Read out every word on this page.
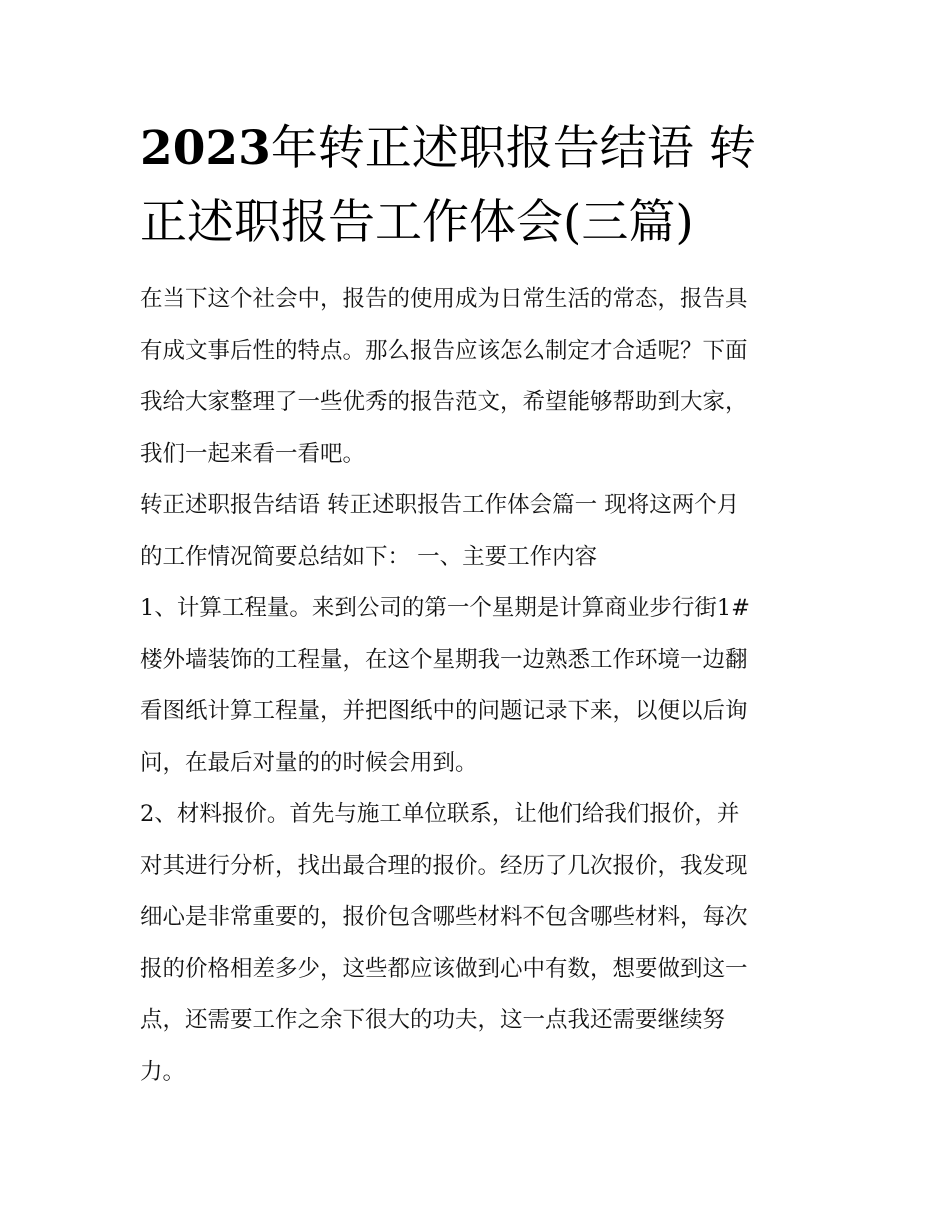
2023年转正述职报告结语 转
正述职报告工作体会(三篇)

在当下这个社会中，报告的使用成为日常生活的常态，报告具
有成文事后性的特点。那么报告应该怎么制定才合适呢？下面
我给大家整理了一些优秀的报告范文，希望能够帮助到大家，
我们一起来看一看吧。

转正述职报告结语 转正述职报告工作体会篇一 现将这两个月
的工作情况简要总结如下： 一、主要工作内容

1、计算工程量。来到公司的第一个星期是计算商业步行街1#
楼外墙装饰的工程量，在这个星期我一边熟悉工作环境一边翻
看图纸计算工程量，并把图纸中的问题记录下来，以便以后询
问，在最后对量的的时候会用到。

2、材料报价。首先与施工单位联系，让他们给我们报价，并
对其进行分析，找出最合理的报价。经历了几次报价，我发现
细心是非常重要的，报价包含哪些材料不包含哪些材料，每次
报的价格相差多少，这些都应该做到心中有数，想要做到这一
点，还需要工作之余下很大的功夫，这一点我还需要继续努
力。
